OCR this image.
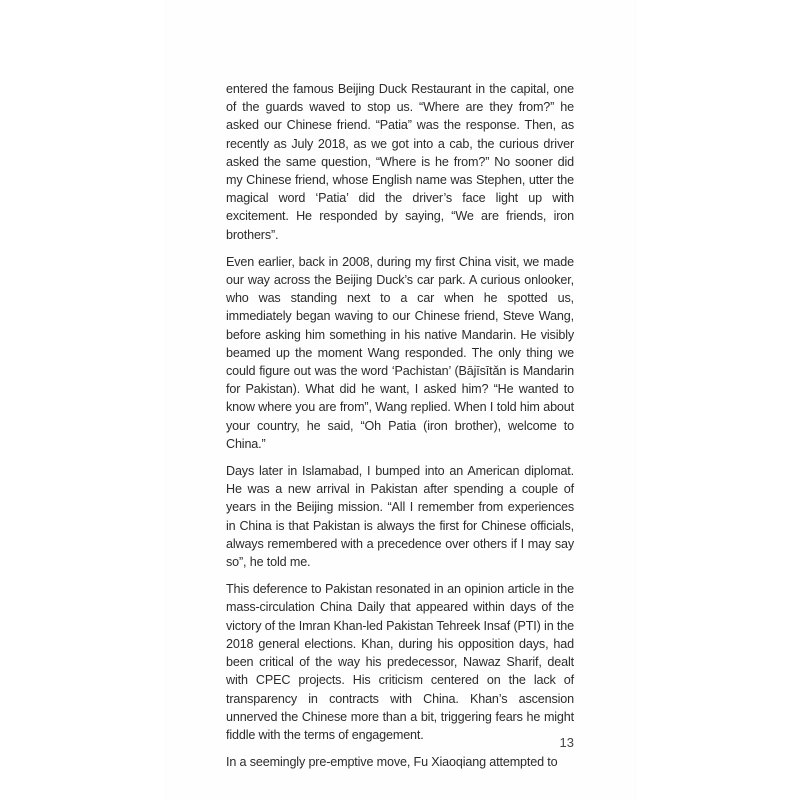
entered the famous Beijing Duck Restaurant in the capital, one of the guards waved to stop us. “Where are they from?” he asked our Chinese friend. “Patia” was the response. Then, as recently as July 2018, as we got into a cab, the curious driver asked the same question, “Where is he from?” No sooner did my Chinese friend, whose English name was Stephen, utter the magical word ‘Patia’ did the driver’s face light up with excitement. He responded by saying, “We are friends, iron brothers”.

Even earlier, back in 2008, during my first China visit, we made our way across the Beijing Duck’s car park. A curious onlooker, who was standing next to a car when he spotted us, immediately began waving to our Chinese friend, Steve Wang, before asking him something in his native Mandarin. He visibly beamed up the moment Wang responded. The only thing we could figure out was the word ‘Pachistan’ (Bājīsītǎn is Mandarin for Pakistan). What did he want, I asked him? “He wanted to know where you are from”, Wang replied. When I told him about your country, he said, “Oh Patia (iron brother), welcome to China.”

Days later in Islamabad, I bumped into an American diplomat. He was a new arrival in Pakistan after spending a couple of years in the Beijing mission. “All I remember from experiences in China is that Pakistan is always the first for Chinese officials, always remembered with a precedence over others if I may say so”, he told me.

This deference to Pakistan resonated in an opinion article in the mass-circulation China Daily that appeared within days of the victory of the Imran Khan-led Pakistan Tehreek Insaf (PTI) in the 2018 general elections. Khan, during his opposition days, had been critical of the way his predecessor, Nawaz Sharif, dealt with CPEC projects. His criticism centered on the lack of transparency in contracts with China. Khan’s ascension unnerved the Chinese more than a bit, triggering fears he might fiddle with the terms of engagement.

In a seemingly pre-emptive move, Fu Xiaoqiang attempted to

13
